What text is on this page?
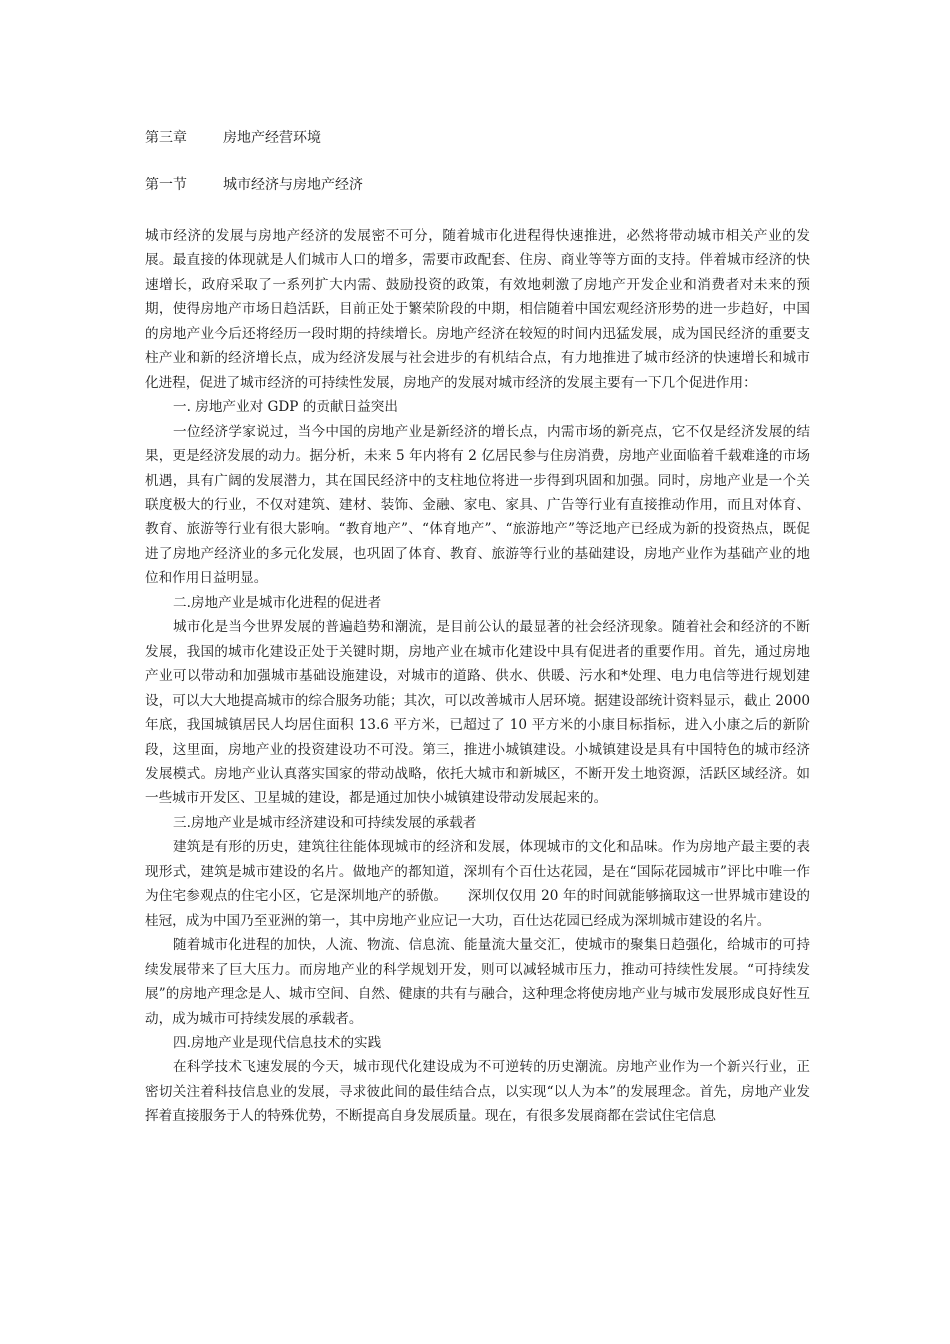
第三章	房地产经营环境
第一节	城市经济与房地产经济

城市经济的发展与房地产经济的发展密不可分，随着城市化进程得快速推进，必然将带动城市相关产业的发展。最直接的体现就是人们城市人口的增多，需要市政配套、住房、商业等等方面的支持。伴着城市经济的快速增长，政府采取了一系列扩大内需、鼓励投资的政策，有效地刺激了房地产开发企业和消费者对未来的预期，使得房地产市场日趋活跃，目前正处于繁荣阶段的中期，相信随着中国宏观经济形势的进一步趋好，中国的房地产业今后还将经历一段时期的持续增长。房地产经济在较短的时间内迅猛发展，成为国民经济的重要支柱产业和新的经济增长点，成为经济发展与社会进步的有机结合点，有力地推进了城市经济的快速增长和城市化进程，促进了城市经济的可持续性发展，房地产的发展对城市经济的发展主要有一下几个促进作用：

一. 房地产业对 GDP 的贡献日益突出

一位经济学家说过，当今中国的房地产业是新经济的增长点，内需市场的新亮点，它不仅是经济发展的结果，更是经济发展的动力。据分析，未来 5 年内将有 2 亿居民参与住房消费，房地产业面临着千载难逢的市场机遇，具有广阔的发展潜力，其在国民经济中的支柱地位将进一步得到巩固和加强。同时，房地产业是一个关联度极大的行业，不仅对建筑、建材、装饰、金融、家电、家具、广告等行业有直接推动作用，而且对体育、教育、旅游等行业有很大影响。“教育地产”、“体育地产”、“旅游地产”等泛地产已经成为新的投资热点，既促进了房地产经济业的多元化发展，也巩固了体育、教育、旅游等行业的基础建设，房地产业作为基础产业的地位和作用日益明显。

二.房地产业是城市化进程的促进者

城市化是当今世界发展的普遍趋势和潮流，是目前公认的最显著的社会经济现象。随着社会和经济的不断发展，我国的城市化建设正处于关键时期，房地产业在城市化建设中具有促进者的重要作用。首先，通过房地产业可以带动和加强城市基础设施建设，对城市的道路、供水、供暖、污水和*处理、电力电信等进行规划建设，可以大大地提高城市的综合服务功能；其次，可以改善城市人居环境。据建设部统计资料显示，截止 2000 年底，我国城镇居民人均居住面积 13.6 平方米，已超过了 10 平方米的小康目标指标，进入小康之后的新阶段，这里面，房地产业的投资建设功不可没。第三，推进小城镇建设。小城镇建设是具有中国特色的城市经济发展模式。房地产业认真落实国家的带动战略，依托大城市和新城区，不断开发土地资源，活跃区域经济。如一些城市开发区、卫星城的建设，都是通过加快小城镇建设带动发展起来的。

三.房地产业是城市经济建设和可持续发展的承载者

建筑是有形的历史，建筑往往能体现城市的经济和发展，体现城市的文化和品味。作为房地产最主要的表现形式，建筑是城市建设的名片。做地产的都知道，深圳有个百仕达花园，是在“国际花园城市”评比中唯一作为住宅参观点的住宅小区，它是深圳地产的骄傲。　　深圳仅仅用 20 年的时间就能够摘取这一世界城市建设的桂冠，成为中国乃至亚洲的第一，其中房地产业应记一大功，百仕达花园已经成为深圳城市建设的名片。

随着城市化进程的加快，人流、物流、信息流、能量流大量交汇，使城市的聚集日趋强化，给城市的可持续发展带来了巨大压力。而房地产业的科学规划开发，则可以减轻城市压力，推动可持续性发展。“可持续发展”的房地产理念是人、城市空间、自然、健康的共有与融合，这种理念将使房地产业与城市发展形成良好性互动，成为城市可持续发展的承载者。

四.房地产业是现代信息技术的实践

在科学技术飞速发展的今天，城市现代化建设成为不可逆转的历史潮流。房地产业作为一个新兴行业，正密切关注着科技信息业的发展，寻求彼此间的最佳结合点，以实现“以人为本”的发展理念。首先，房地产业发挥着直接服务于人的特殊优势，不断提高自身发展质量。现在，有很多发展商都在尝试住宅信息
